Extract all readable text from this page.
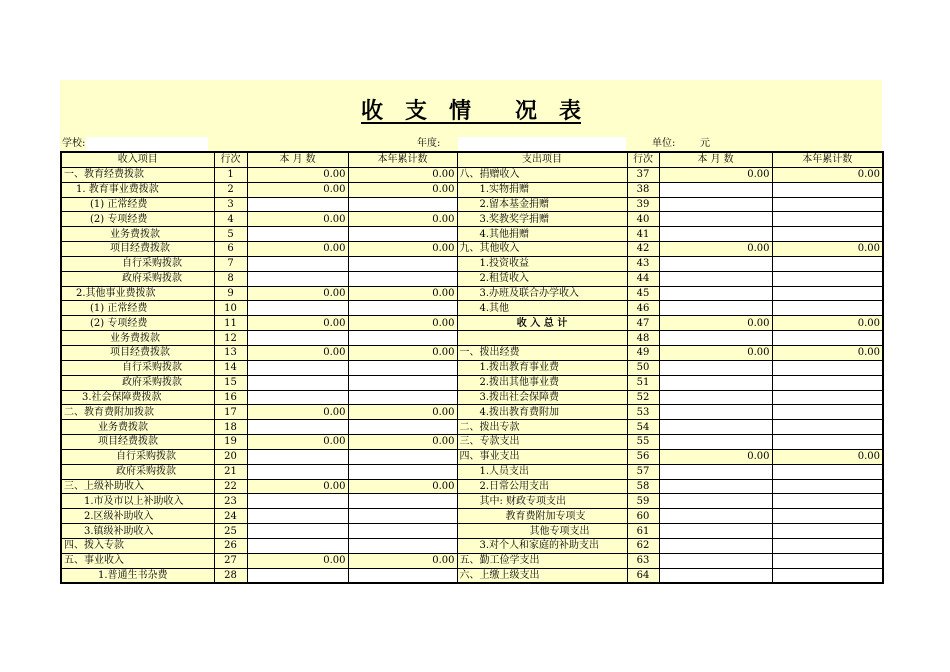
收　支　情　　况　表
学校:	年度:	单位: 元
收入项目	行次	本 月 数	本年累计数	支出项目	行次	本 月 数	本年累计数
一、教育经费拨款	1	0.00	0.00	八、捐赠收入	37	0.00	0.00
1. 教育事业费拨款	2	0.00	0.00	1.实物捐赠	38		
(1) 正常经费	3			2.留本基金捐赠	39		
(2) 专项经费	4	0.00	0.00	3.奖教奖学捐赠	40		
业务费拨款	5			4.其他捐赠	41		
项目经费拨款	6	0.00	0.00	九、其他收入	42	0.00	0.00
自行采购拨款	7			1.投资收益	43		
政府采购拨款	8			2.租赁收入	44		
2.其他事业费拨款	9	0.00	0.00	3.办班及联合办学收入	45		
(1) 正常经费	10			4.其他	46		
(2) 专项经费	11	0.00	0.00	收 入 总 计	47	0.00	0.00
业务费拨款	12				48		
项目经费拨款	13	0.00	0.00	一、拨出经费	49	0.00	0.00
自行采购拨款	14			1.拨出教育事业费	50		
政府采购拨款	15			2.拨出其他事业费	51		
3.社会保障费拨款	16			3.拨出社会保障费	52		
二、教育费附加拨款	17	0.00	0.00	4.拨出教育费附加	53		
业务费拨款	18			二、拨出专款	54		
项目经费拨款	19	0.00	0.00	三、专款支出	55		
自行采购拨款	20			四、事业支出	56	0.00	0.00
政府采购拨款	21			1.人员支出	57		
三、上级补助收入	22	0.00	0.00	2.日常公用支出	58		
1.市及市以上补助收入	23			其中: 财政专项支出	59		
2.区级补助收入	24			教育费附加专项支	60		
3.镇级补助收入	25			其他专项支出	61		
四、拨入专款	26			3.对个人和家庭的补助支出	62		
五、事业收入	27	0.00	0.00	五、勤工俭学支出	63		
1.普通生书杂费	28			六、上缴上级支出	64		
